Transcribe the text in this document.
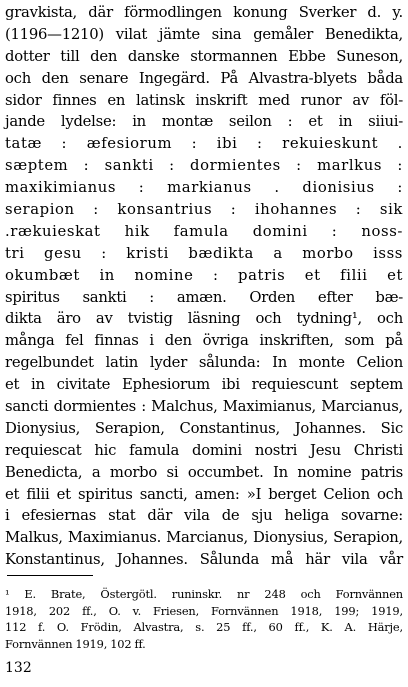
gravkista, där förmodlingen konung Sverker d. y.
(1196—1210) vilat jämte sina gemåler Benedikta,
dotter till den danske stormannen Ebbe Suneson,
och den senare Ingegärd. På Alvastra-blyets båda
sidor finnes en latinsk inskrift med runor av föl-
jande lydelse: in montæ seilon : et in siiui-
tatæ : æfesiorum : ibi : rekuieskunt .
sæptem : sankti : dormientes : marlkus :
maxikimianus : markianus . dionisius :
serapion : konsantrius : ihohannes : sik
.rækuieskat hik famula domini : noss-
tri gesu : kristi bædikta a morbo isss
okumbæt in nomine : patris et filii et
spiritus sankti : amæn. Orden efter bæ-
dikta äro av tvistig läsning och tydning¹, och
många fel finnas i den övriga inskriften, som på
regelbundet latin lyder sålunda: In monte Celion
et in civitate Ephesiorum ibi requiescunt septem
sancti dormientes : Malchus, Maximianus, Marcianus,
Dionysius, Serapion, Constantinus, Johannes. Sic
requiescat hic famula domini nostri Jesu Christi
Benedicta, a morbo si occumbet. In nomine patris
et filii et spiritus sancti, amen: »I berget Celion och
i efesiernas stat där vila de sju heliga sovarne:
Malkus, Maximianus. Marcianus, Dionysius, Serapion,
Konstantinus, Johannes. Sålunda må här vila vår
¹ E. Brate, Östergötl. runinskr. nr 248 och Fornvännen
1918, 202 ff., O. v. Friesen, Fornvännen 1918, 199; 1919,
112 f. O. Frödin, Alvastra, s. 25 ff., 60 ff., K. A. Härje,
Fornvännen 1919, 102 ff.
132
